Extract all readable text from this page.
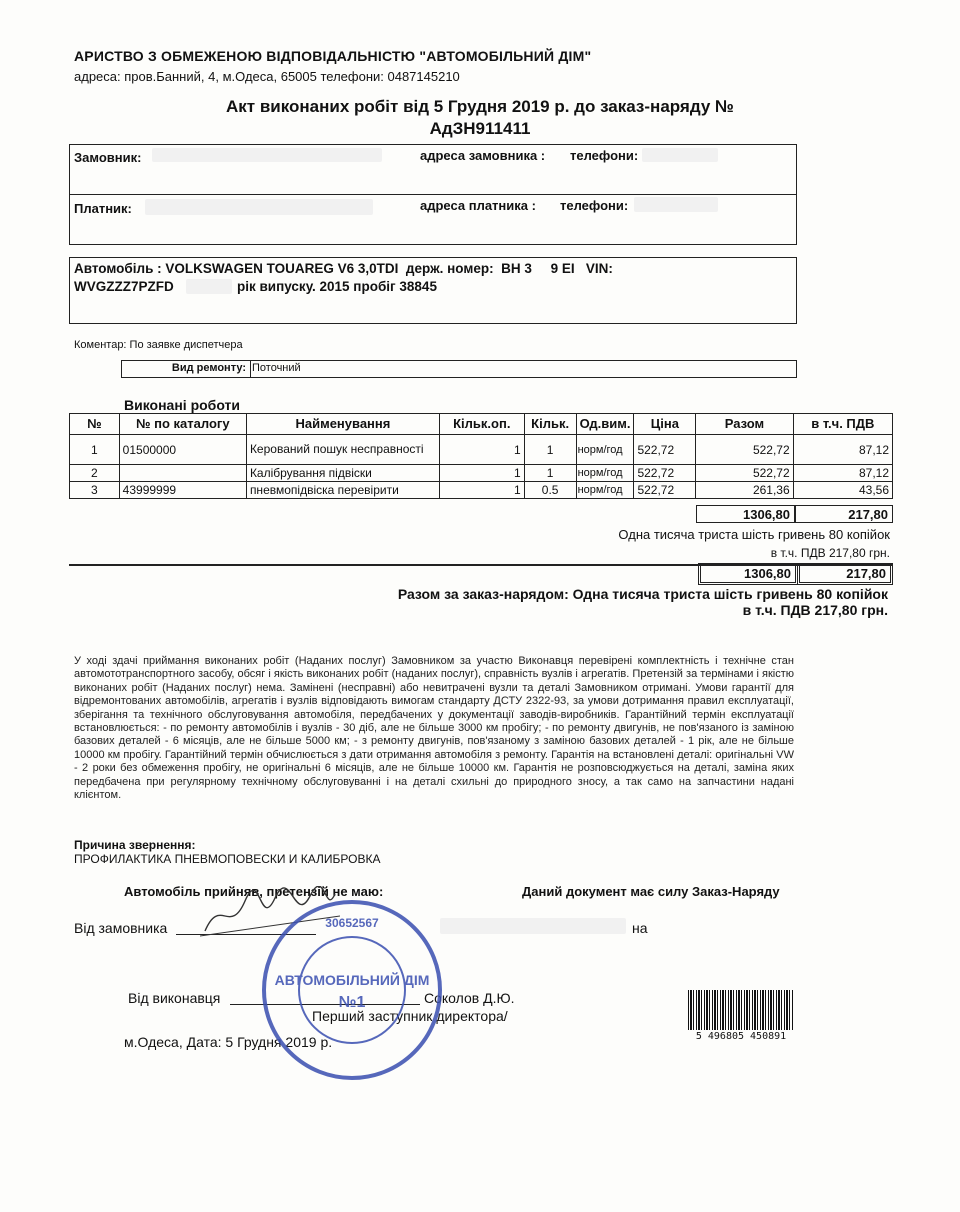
АРИСТВО З ОБМЕЖЕНОЮ ВІДПОВІДАЛЬНІСТЮ "АВТОМОБІЛЬНИЙ ДІМ"
адреса: пров.Банний, 4, м.Одеса, 65005 телефони: 0487145210
Акт виконаних робіт від 5 Грудня 2019 р. до заказ-наряду №
АдЗН911411
Замовник:	адреса замовника : телефони:
Платник:	адреса платника : телефони:
Автомобіль : VOLKSWAGEN TOUAREG V6 3,0TDI  держ. номер:  ВН 3     9 ЕІ   VIN:
WVGZZZ7PZFD	рік випуску. 2015 пробіг 38845
Коментар: По заявке диспетчера
Вид ремонту: Поточний
Виконані роботи
№	№ по каталогу	Найменування	Кільк.оп.	Кільк.	Од.вим.	Ціна	Разом	в т.ч. ПДВ
1	01500000	Керований пошук несправності	1	1	норм/год	522,72	522,72	87,12
2		Калібрування підвіски	1	1	норм/год	522,72	522,72	87,12
3	43999999	пневмопідвіска перевірити	1	0.5	норм/год	522,72	261,36	43,56
1306,80	217,80
Одна тисяча триста шість гривень 80 копійок
в т.ч. ПДВ 217,80 грн.
1306,80	217,80
Разом за заказ-нарядом: Одна тисяча триста шість гривень 80 копійок
в т.ч. ПДВ 217,80 грн.
У ході здачі приймання виконаних робіт (Наданих послуг) Замовником за участю Виконавця перевірені комплектність і технічне стан автомототранспортного засобу, обсяг і якість виконаних робіт (наданих послуг), справність вузлів і агрегатів. Претензій за термінами і якістю виконаних робіт (Наданих послуг) нема. Замінені (несправні) або невитрачені вузли та деталі Замовником отримані. Умови гарантії для відремонтованих автомобілів, агрегатів і вузлів відповідають вимогам стандарту ДСТУ 2322-93, за умови дотримання правил експлуатації, зберігання та технічного обслуговування автомобіля, передбачених у документації заводів-виробників. Гарантійний термін експлуатації встановлюється: - по ремонту автомобілів і вузлів - 30 діб, але не більше 3000 км пробігу; - по ремонту двигунів, не пов'язаного із заміною базових деталей - 6 місяців, але не більше 5000 км; - з ремонту двигунів, пов'язаному з заміною базових деталей - 1 рік, але не більше 10000 км пробігу. Гарантійний термін обчислюється з дати отримання автомобіля з ремонту. Гарантія на встановлені деталі: оригінальні VW - 2 роки без обмеження пробігу, не оригінальні 6 місяців, але не більше 10000 км. Гарантія не розповсюджується на деталі, заміна яких передбачена при регулярному технічному обслуговуванні і на деталі схильні до природного зносу, а так само на запчастини надані клієнтом.
Причина звернення:
ПРОФИЛАКТИКА ПНЕВМОПОВЕСКИ И КАЛИБРОВКА
Автомобіль прийняв, претензій не маю:	Даний документ має силу Заказ-Наряду
Від замовника	на
Від виконавця	Соколов Д.Ю.
Перший заступник директора/
м.Одеса, Дата: 5 Грудня 2019 р.
30652567
АВТОМОБІЛЬНИЙ ДІМ
№1
5 496805 450891
